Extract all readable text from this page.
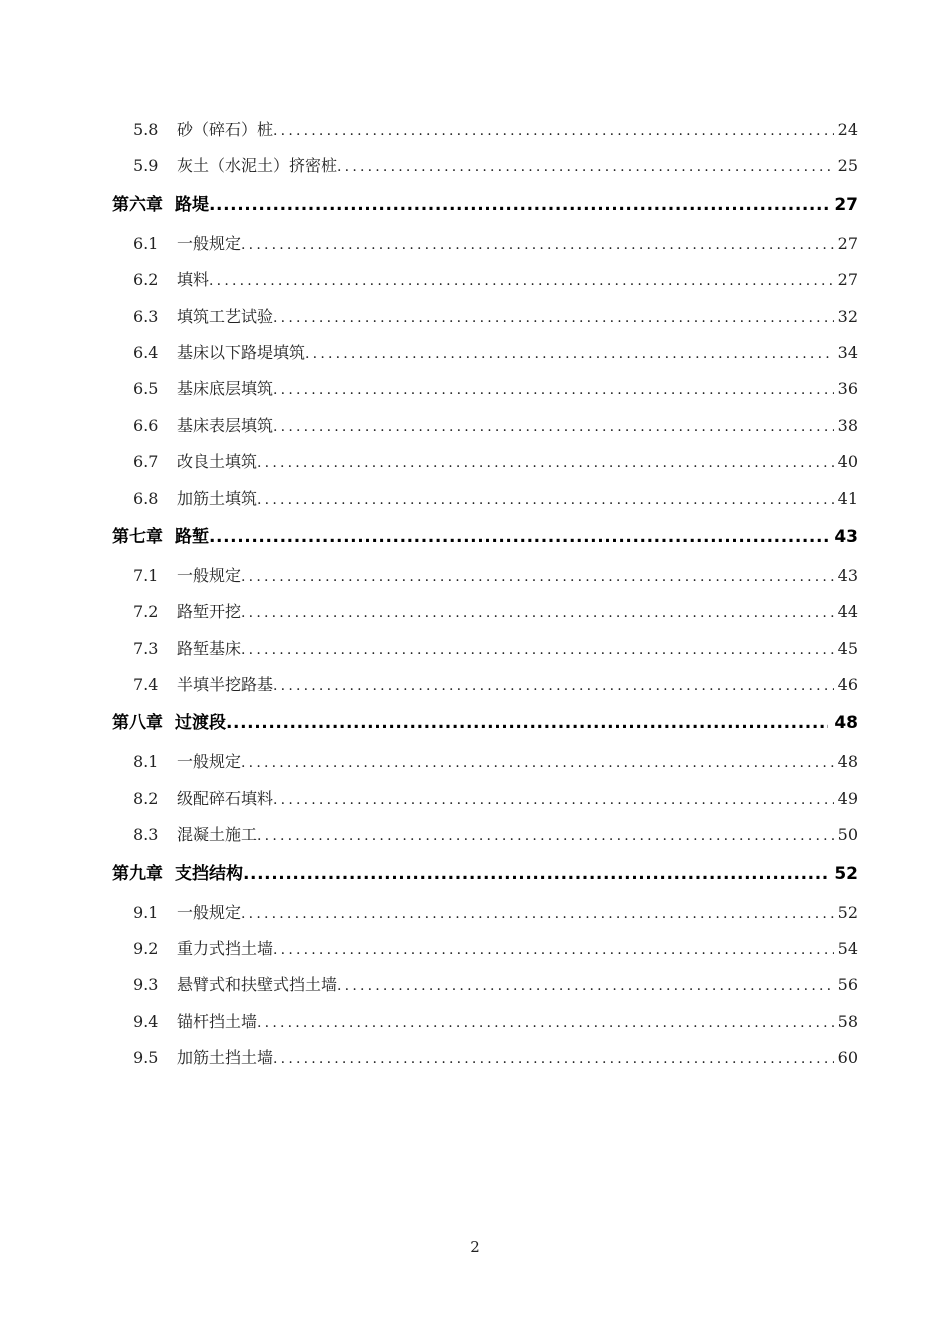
5.8	砂（碎石）桩 .....	24
5.9	灰土（水泥土）挤密桩 .....	25
第六章 路堤 .....	27
6.1	一般规定 .....	27
6.2	填料 .....	27
6.3	填筑工艺试验 .....	32
6.4	基床以下路堤填筑 .....	34
6.5	基床底层填筑 .....	36
6.6	基床表层填筑 .....	38
6.7	改良土填筑 .....	40
6.8	加筋土填筑 .....	41
第七章 路堑 .....	43
7.1	一般规定 .....	43
7.2	路堑开挖 .....	44
7.3	路堑基床 .....	45
7.4	半填半挖路基 .....	46
第八章 过渡段 .....	48
8.1	一般规定 .....	48
8.2	级配碎石填料 .....	49
8.3	混凝土施工 .....	50
第九章 支挡结构 .....	52
9.1	一般规定 .....	52
9.2	重力式挡土墙 .....	54
9.3	悬臂式和扶壁式挡土墙 .....	56
9.4	锚杆挡土墙 .....	58
9.5	加筋土挡土墙 .....	60
2
